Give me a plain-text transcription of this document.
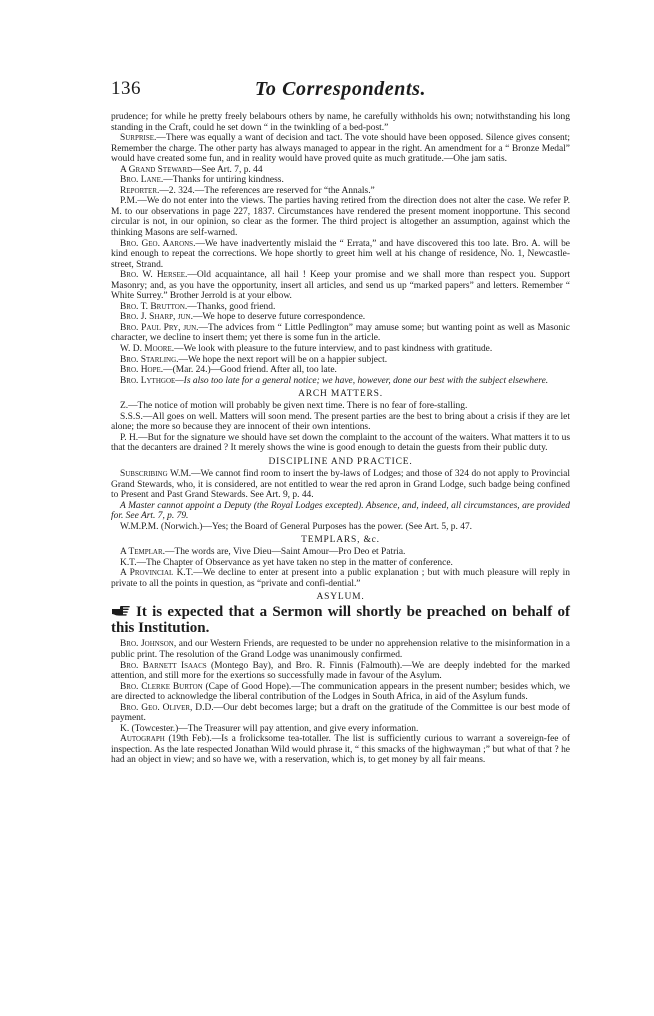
136	To Correspondents.

prudence; for while he pretty freely belabours others by name, he carefully withholds his own; notwithstanding his long standing in the Craft, could he set down “ in the twinkling of a bed-post.”

Surprise.—There was equally a want of decision and tact. The vote should have been opposed. Silence gives consent; Remember the charge. The other party has always managed to appear in the right. An amendment for a “ Bronze Medal” would have created some fun, and in reality would have proved quite as much gratitude.—Ohe jam satis.

A Grand Steward—See Art. 7, p. 44

Bro. Lane.—Thanks for untiring kindness.

Reporter.—2. 324.—The references are reserved for “the Annals.”

P.M.—We do not enter into the views. The parties having retired from the direction does not alter the case. We refer P. M. to our observations in page 227, 1837. Circumstances have rendered the present moment inopportune. This second circular is not, in our opinion, so clear as the former. The third project is altogether an assumption, against which the thinking Masons are self-warned.

Bro. Geo. Aarons.—We have inadvertently mislaid the “ Errata,” and have discovered this too late. Bro. A. will be kind enough to repeat the corrections. We hope shortly to greet him well at his change of residence, No. 1, Newcastle-street, Strand.

Bro. W. Hersee.—Old acquaintance, all hail ! Keep your promise and we shall more than respect you. Support Masonry; and, as you have the opportunity, insert all articles, and send us up “marked papers” and letters. Remember “ White Surrey.” Brother Jerrold is at your elbow.

Bro. T. Brutton.—Thanks, good friend.

Bro. J. Sharp, jun.—We hope to deserve future correspondence.

Bro. Paul Pry, jun.—The advices from “ Little Pedlington” may amuse some; but wanting point as well as Masonic character, we decline to insert them; yet there is some fun in the article.

W. D. Moore.—We look with pleasure to the future interview, and to past kindness with gratitude.

Bro. Starling.—We hope the next report will be on a happier subject.

Bro. Hope.—(Mar. 24.)—Good friend. After all, too late.

Bro. Lythgoe—Is also too late for a general notice; we have, however, done our best with the subject elsewhere.

ARCH MATTERS.

Z.—The notice of motion will probably be given next time. There is no fear of fore-stalling.

S.S.S.—All goes on well. Matters will soon mend. The present parties are the best to bring about a crisis if they are let alone; the more so because they are innocent of their own intentions.

P. H.—But for the signature we should have set down the complaint to the account of the waiters. What matters it to us that the decanters are drained ? It merely shows the wine is good enough to detain the guests from their public duty.

DISCIPLINE AND PRACTICE.

Subscribing W.M.—We cannot find room to insert the by-laws of Lodges; and those of 324 do not apply to Provincial Grand Stewards, who, it is considered, are not entitled to wear the red apron in Grand Lodge, such badge being confined to Present and Past Grand Stewards. See Art. 9, p. 44.

A Master cannot appoint a Deputy (the Royal Lodges excepted). Absence, and, indeed, all circumstances, are provided for. See Art. 7, p. 79.

W.M.P.M. (Norwich.)—Yes; the Board of General Purposes has the power. (See Art. 5, p. 47.

TEMPLARS, &c.

A Templar.—The words are, Vive Dieu—Saint Amour—Pro Deo et Patria.

K.T.—The Chapter of Observance as yet have taken no step in the matter of conference.

A Provincial K.T.—We decline to enter at present into a public explanation ; but with much pleasure will reply in private to all the points in question, as “private and confi-dential.”

ASYLUM.

It is expected that a Sermon will shortly be preached on behalf of this Institution.

Bro. Johnson, and our Western Friends, are requested to be under no apprehension relative to the misinformation in a public print. The resolution of the Grand Lodge was unanimously confirmed.

Bro. Barnett Isaacs (Montego Bay), and Bro. R. Finnis (Falmouth).—We are deeply indebted for the marked attention, and still more for the exertions so successfully made in favour of the Asylum.

Bro. Clerke Burton (Cape of Good Hope).—The communication appears in the present number; besides which, we are directed to acknowledge the liberal contribution of the Lodges in South Africa, in aid of the Asylum funds.

Bro. Geo. Oliver, D.D.—Our debt becomes large; but a draft on the gratitude of the Committee is our best mode of payment.

K. (Towcester.)—The Treasurer will pay attention, and give every information.

Autograph (19th Feb).—Is a frolicksome tea-totaller. The list is sufficiently curious to warrant a sovereign-fee of inspection. As the late respected Jonathan Wild would phrase it, “ this smacks of the highwayman ;” but what of that ? he had an object in view; and so have we, with a reservation, which is, to get money by all fair means.
